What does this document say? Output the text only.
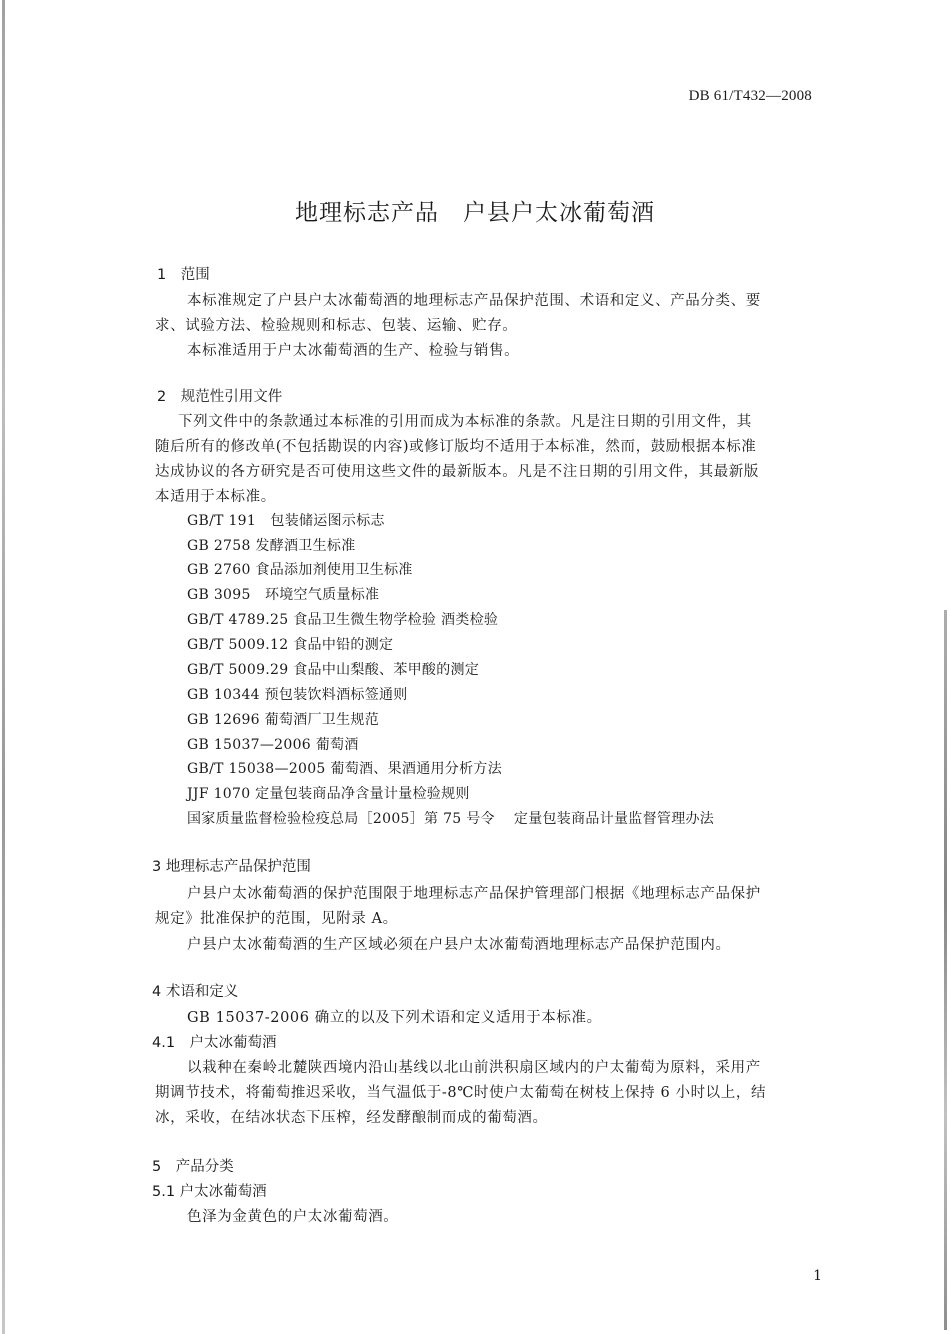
DB 61/T432—2008
地理标志产品　户县户太冰葡萄酒
1　范围
本标准规定了户县户太冰葡萄酒的地理标志产品保护范围、术语和定义、产品分类、要
求、试验方法、检验规则和标志、包装、运输、贮存。
本标准适用于户太冰葡萄酒的生产、检验与销售。
2　规范性引用文件
下列文件中的条款通过本标准的引用而成为本标准的条款。凡是注日期的引用文件，其
随后所有的修改单(不包括勘误的内容)或修订版均不适用于本标准，然而，鼓励根据本标准
达成协议的各方研究是否可使用这些文件的最新版本。凡是不注日期的引用文件，其最新版
本适用于本标准。
GB/T 191　包装储运图示标志
GB 2758 发酵酒卫生标准
GB 2760 食品添加剂使用卫生标准
GB 3095　环境空气质量标准
GB/T 4789.25 食品卫生微生物学检验 酒类检验
GB/T 5009.12 食品中铅的测定
GB/T 5009.29 食品中山梨酸、苯甲酸的测定
GB 10344 预包装饮料酒标签通则
GB 12696 葡萄酒厂卫生规范
GB 15037—2006 葡萄酒
GB/T 15038—2005 葡萄酒、果酒通用分析方法
JJF 1070 定量包装商品净含量计量检验规则
国家质量监督检验检疫总局［2005］第 75 号令　 定量包装商品计量监督管理办法
3 地理标志产品保护范围
户县户太冰葡萄酒的保护范围限于地理标志产品保护管理部门根据《地理标志产品保护
规定》批准保护的范围，见附录 A。
户县户太冰葡萄酒的生产区域必须在户县户太冰葡萄酒地理标志产品保护范围内。
4 术语和定义
GB 15037-2006 确立的以及下列术语和定义适用于本标准。
4.1　户太冰葡萄酒
以栽种在秦岭北麓陕西境内沿山基线以北山前洪积扇区域内的户太葡萄为原料，采用产
期调节技术，将葡萄推迟采收，当气温低于-8℃时使户太葡萄在树枝上保持 6 小时以上，结
冰，采收，在结冰状态下压榨，经发酵酿制而成的葡萄酒。
5　产品分类
5.1 户太冰葡萄酒
色泽为金黄色的户太冰葡萄酒。
1
